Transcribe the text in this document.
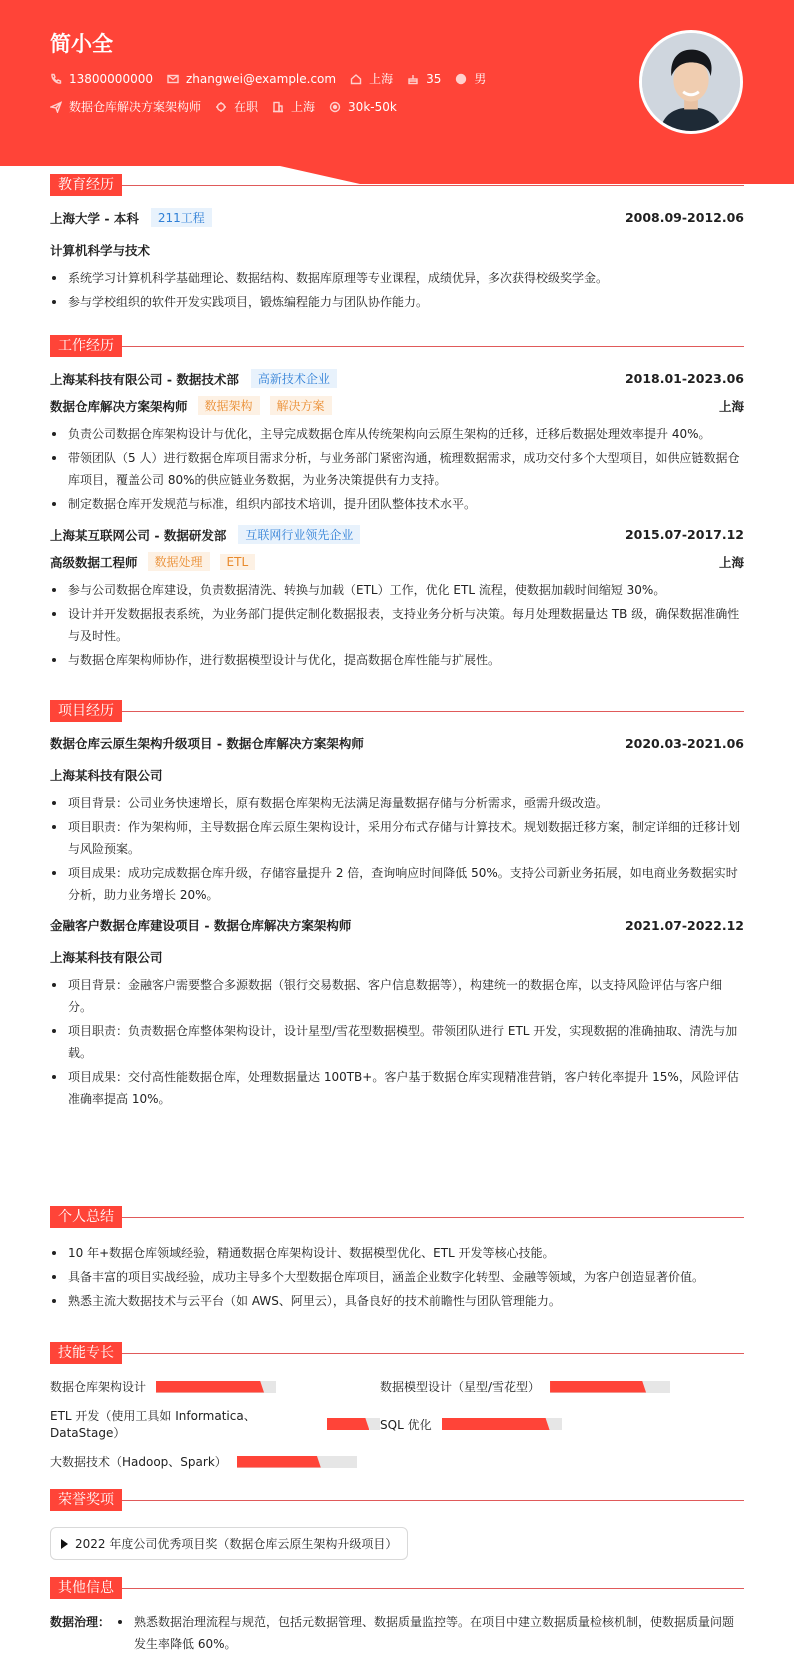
简小全
13800000000	zhangwei@example.com	上海	35	男
数据仓库解决方案架构师	在职	上海	30k-50k
教育经历
上海大学 - 本科	211工程	2008.09-2012.06
计算机科学与技术
系统学习计算机科学基础理论、数据结构、数据库原理等专业课程，成绩优异，多次获得校级奖学金。
参与学校组织的软件开发实践项目，锻炼编程能力与团队协作能力。
工作经历
上海某科技有限公司 - 数据技术部	高新技术企业	2018.01-2023.06
数据仓库解决方案架构师	数据架构	解决方案	上海
负责公司数据仓库架构设计与优化，主导完成数据仓库从传统架构向云原生架构的迁移，迁移后数据处理效率提升 40%。
带领团队（5 人）进行数据仓库项目需求分析，与业务部门紧密沟通，梳理数据需求，成功交付多个大型项目，如供应链数据仓库项目，覆盖公司 80%的供应链业务数据，为业务决策提供有力支持。
制定数据仓库开发规范与标准，组织内部技术培训，提升团队整体技术水平。
上海某互联网公司 - 数据研发部	互联网行业领先企业	2015.07-2017.12
高级数据工程师	数据处理	ETL	上海
参与公司数据仓库建设，负责数据清洗、转换与加载（ETL）工作，优化 ETL 流程，使数据加载时间缩短 30%。
设计并开发数据报表系统，为业务部门提供定制化数据报表，支持业务分析与决策。每月处理数据量达 TB 级，确保数据准确性与及时性。
与数据仓库架构师协作，进行数据模型设计与优化，提高数据仓库性能与扩展性。
项目经历
数据仓库云原生架构升级项目 - 数据仓库解决方案架构师	2020.03-2021.06
上海某科技有限公司
项目背景：公司业务快速增长，原有数据仓库架构无法满足海量数据存储与分析需求，亟需升级改造。
项目职责：作为架构师，主导数据仓库云原生架构设计，采用分布式存储与计算技术。规划数据迁移方案，制定详细的迁移计划与风险预案。
项目成果：成功完成数据仓库升级，存储容量提升 2 倍，查询响应时间降低 50%。支持公司新业务拓展，如电商业务数据实时分析，助力业务增长 20%。
金融客户数据仓库建设项目 - 数据仓库解决方案架构师	2021.07-2022.12
上海某科技有限公司
项目背景：金融客户需要整合多源数据（银行交易数据、客户信息数据等），构建统一的数据仓库，以支持风险评估与客户细分。
项目职责：负责数据仓库整体架构设计，设计星型/雪花型数据模型。带领团队进行 ETL 开发，实现数据的准确抽取、清洗与加载。
项目成果：交付高性能数据仓库，处理数据量达 100TB+。客户基于数据仓库实现精准营销，客户转化率提升 15%，风险评估准确率提高 10%。
个人总结
10 年+数据仓库领域经验，精通数据仓库架构设计、数据模型优化、ETL 开发等核心技能。
具备丰富的项目实战经验，成功主导多个大型数据仓库项目，涵盖企业数字化转型、金融等领域，为客户创造显著价值。
熟悉主流大数据技术与云平台（如 AWS、阿里云），具备良好的技术前瞻性与团队管理能力。
技能专长
数据仓库架构设计	数据模型设计（星型/雪花型）
ETL 开发（使用工具如 Informatica、DataStage）
SQL 优化
大数据技术（Hadoop、Spark）
荣誉奖项
2022 年度公司优秀项目奖（数据仓库云原生架构升级项目）
其他信息
数据治理：	熟悉数据治理流程与规范，包括元数据管理、数据质量监控等。在项目中建立数据质量检核机制，使数据质量问题发生率降低 60%。
